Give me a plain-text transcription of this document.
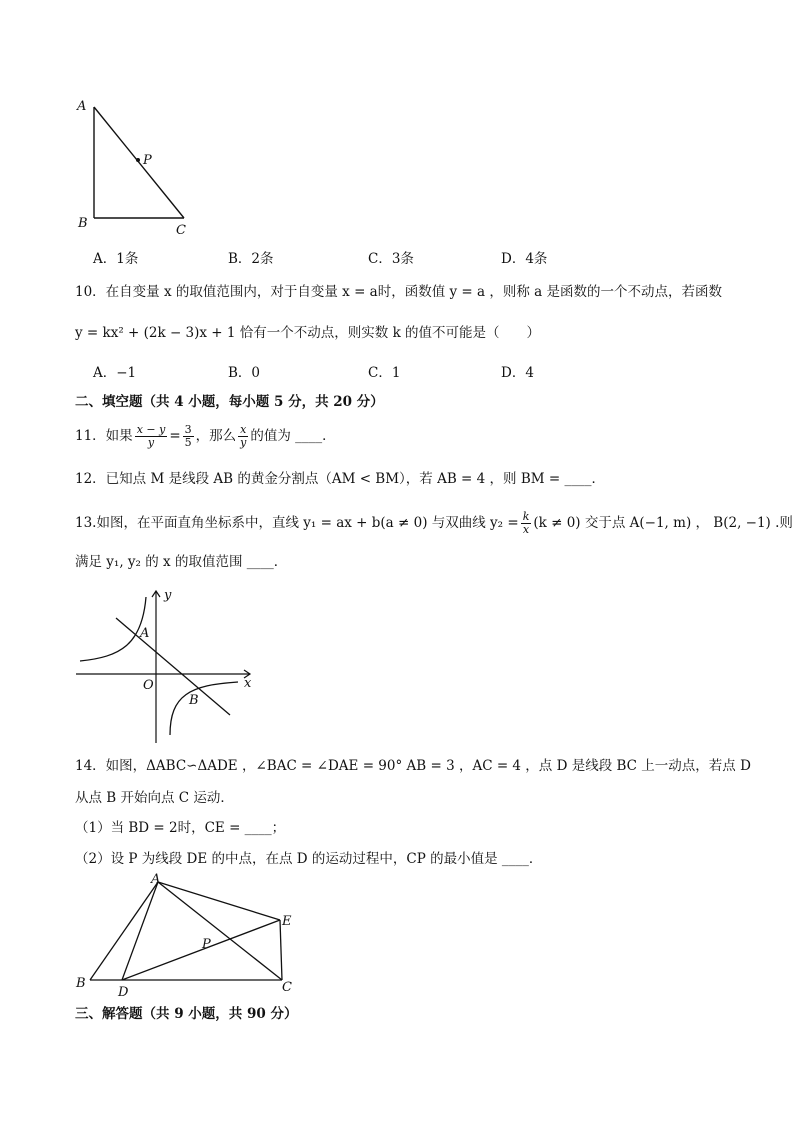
A
P
B	C
A．1条	B．2条	C．3条	D．4条
10．在自变量 x 的取值范围内，对于自变量 x = a时，函数值 y = a ，则称 a 是函数的一个不动点，若函数
y = kx² + (2k − 3)x + 1 恰有一个不动点，则实数 k 的值不可能是（　　）
A．−1	B．0	C．1	D．4
二、填空题（共 4 小题，每小题 5 分，共 20 分）
11．如果 $\frac{x - y}{y} = \frac{3}{5}$ ，那么 $\frac{x}{y}$ 的值为 ____．
12．已知点 M 是线段 AB 的黄金分割点（AM < BM），若 AB = 4 ，则 BM = ____．
13.如图，在平面直角坐标系中，直线 y₁ = ax + b(a ≠ 0) 与双曲线 $y_2 = \frac{k}{x} (k \ne 0)$ 交于点 A(−1, m) ， B(2, −1) .则
满足 y₁, y₂ 的 x 的取值范围 ____．
y
x
O
A
B
14．如图，ΔABC∽ΔADE ，∠BAC = ∠DAE = 90° AB = 3 ，AC = 4 ，点 D 是线段 BC 上一动点，若点 D
从点 B 开始向点 C 运动．
（1）当 BD = 2时，CE = ____；
（2）设 P 为线段 DE 的中点，在点 D 的运动过程中，CP 的最小值是 ____．
A
E
P
B
D	C
三、解答题（共 9 小题，共 90 分）
